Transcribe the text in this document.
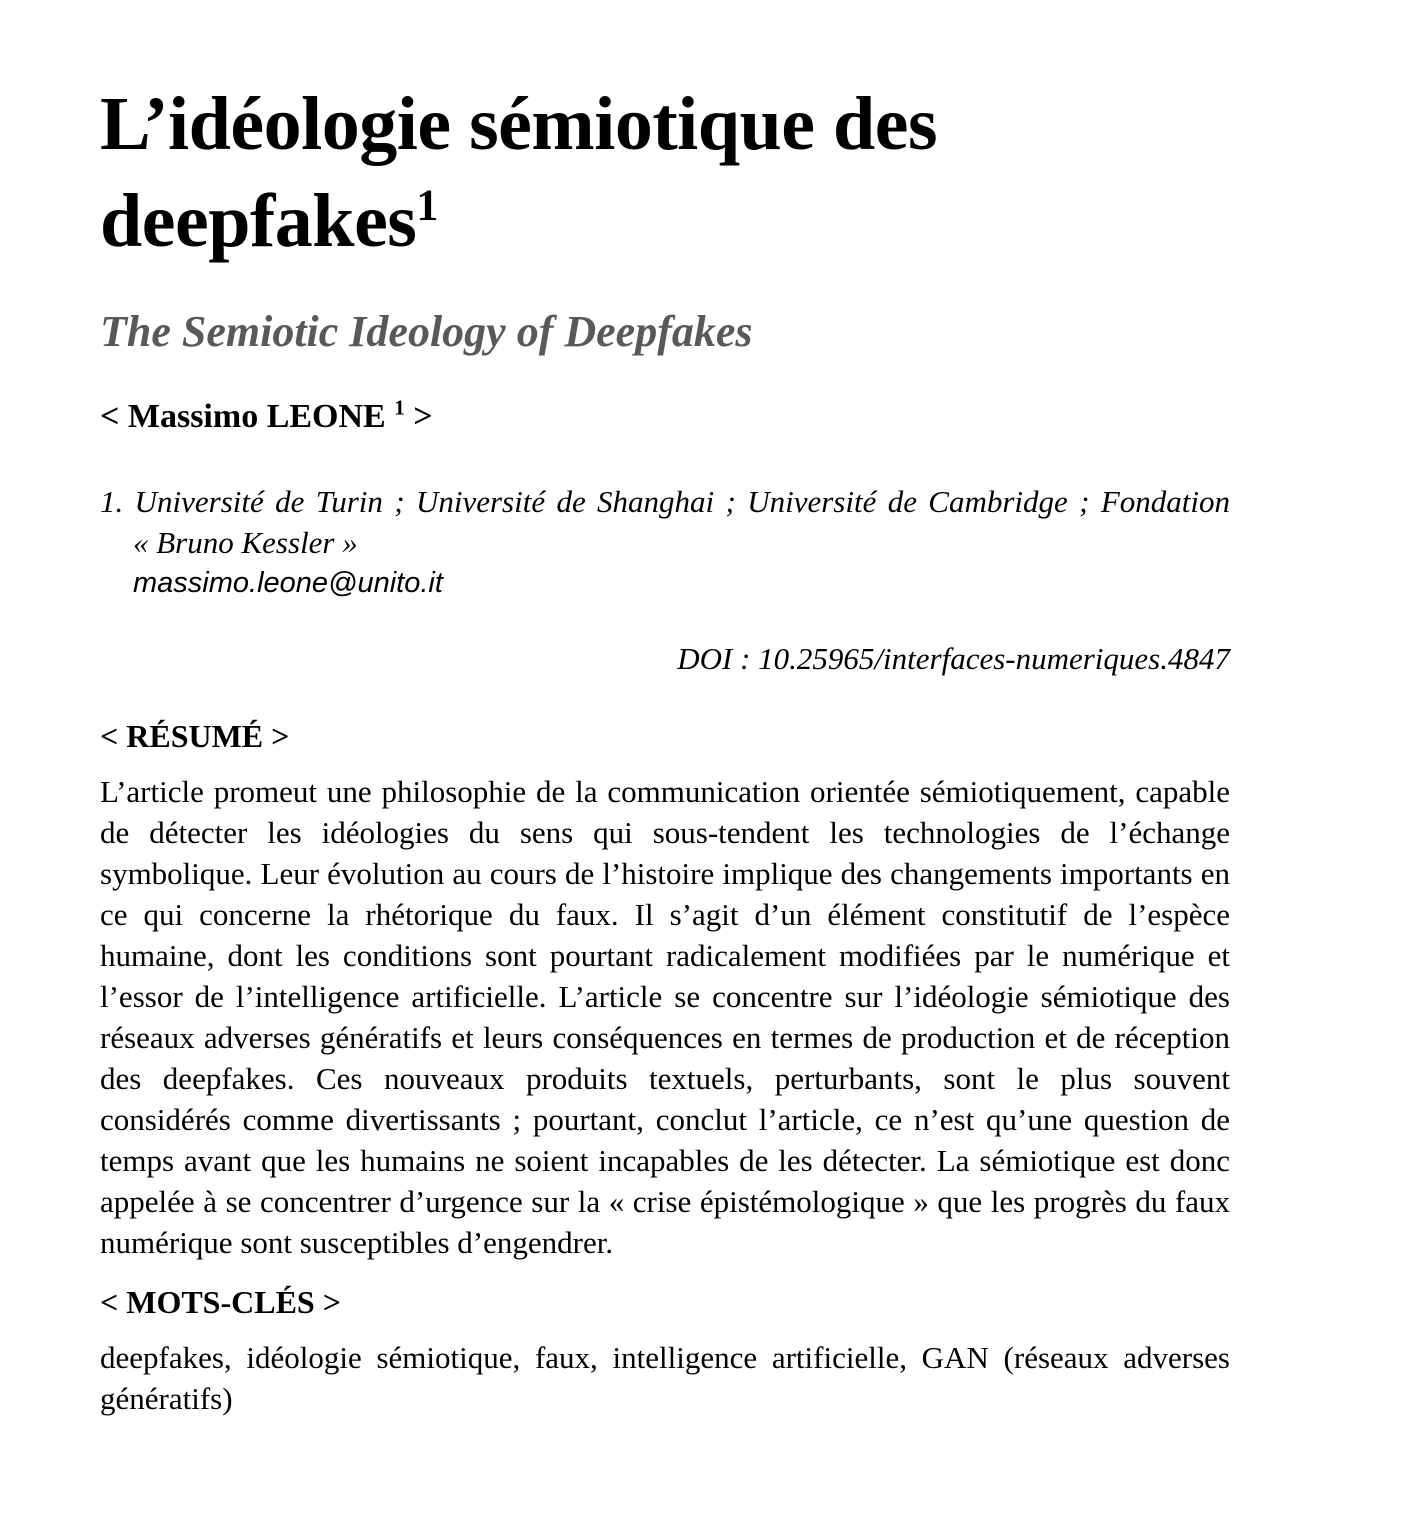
L’idéologie sémiotique des deepfakes$^1$
The Semiotic Ideology of Deepfakes
< Massimo LEONE $^1$ >

1. Université de Turin ; Université de Shanghai ; Université de Cambridge ; Fondation « Bruno Kessler »

massimo.leone@unito.it

DOI : 10.25965/interfaces-numeriques.4847

< RÉSUMÉ >

L’article promeut une philosophie de la communication orientée sémiotiquement, capable de détecter les idéologies du sens qui sous-tendent les technologies de l’échange symbolique. Leur évolution au cours de l’histoire implique des changements importants en ce qui concerne la rhétorique du faux. Il s’agit d’un élément constitutif de l’espèce humaine, dont les conditions sont pourtant radicalement modifiées par le numérique et l’essor de l’intelligence artificielle. L’article se concentre sur l’idéologie sémiotique des réseaux adverses génératifs et leurs conséquences en termes de production et de réception des deepfakes. Ces nouveaux produits textuels, perturbants, sont le plus souvent considérés comme divertissants ; pourtant, conclut l’article, ce n’est qu’une question de temps avant que les humains ne soient incapables de les détecter. La sémiotique est donc appelée à se concentrer d’urgence sur la « crise épistémologique » que les progrès du faux numérique sont susceptibles d’engendrer.

< MOTS-CLÉS >

deepfakes, idéologie sémiotique, faux, intelligence artificielle, GAN (réseaux adverses génératifs)
